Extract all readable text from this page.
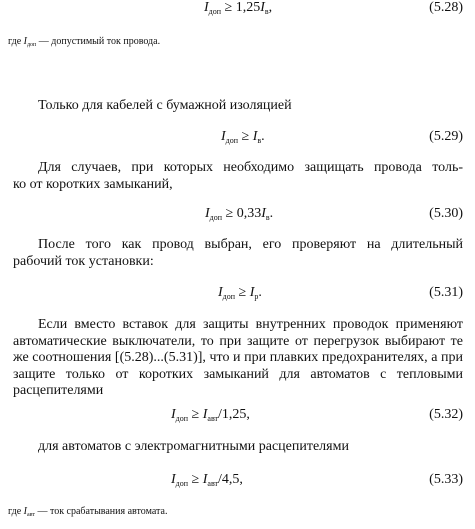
$I_{доп} \ge 1,25I_в$,	(5.28)
где $I_{доп}$ — допустимый ток провода.
Только для кабелей с бумажной изоляцией
$I_{доп} \ge I_в$.	(5.29)
Для случаев, при которых необходимо защищать провода толь-
ко от коротких замыканий,
$I_{доп} \ge 0,33I_в$.	(5.30)
После того как провод выбран, его проверяют на длительный
рабочий ток установки:
$I_{доп} \ge I_р$.	(5.31)
Если вместо вставок для защиты внутренних проводок применяют автоматические выключатели, то при защите от перегрузок выбирают те же соотношения [(5.28)...(5.31)], что и при плавких предохранителях, а при защите только от коротких замыканий для автоматов с тепловыми расцепителями
$I_{доп} \ge I_{авт}/1,25$,	(5.32)
для автоматов с электромагнитными расцепителями
$I_{доп} \ge I_{авт}/4,5$,	(5.33)
где $I_{авт}$ — ток срабатывания автомата.
